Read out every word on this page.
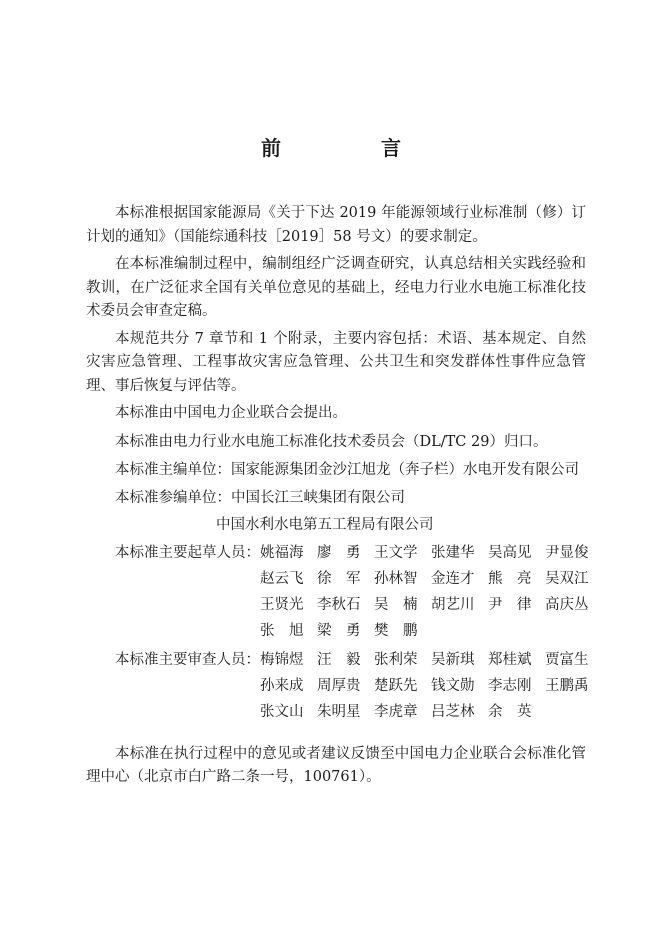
前　言

本标准根据国家能源局《关于下达 2019 年能源领域行业标准制（修）订计划的通知》（国能综通科技［2019］58 号文）的要求制定。

在本标准编制过程中，编制组经广泛调查研究，认真总结相关实践经验和教训，在广泛征求全国有关单位意见的基础上，经电力行业水电施工标准化技术委员会审查定稿。

本规范共分 7 章节和 1 个附录，主要内容包括：术语、基本规定、自然灾害应急管理、工程事故灾害应急管理、公共卫生和突发群体性事件应急管理、事后恢复与评估等。

本标准由中国电力企业联合会提出。

本标准由电力行业水电施工标准化技术委员会（DL/TC 29）归口。

本标准主编单位：国家能源集团金沙江旭龙（奔子栏）水电开发有限公司
本标准参编单位：中国长江三峡集团有限公司
中国水利水电第五工程局有限公司
本标准主要起草人员： 姚福海 廖　勇 王文学 张建华 吴高见 尹显俊
赵云飞 徐　军 孙林智 金连才 熊　亮 吴双江
王贤光 李秋石 吴　楠 胡艺川 尹　律 高庆丛
张　旭 梁　勇 樊　鹏
本标准主要审查人员： 梅锦煜 汪　毅 张利荣 吴新琪 郑桂斌 贾富生
孙来成 周厚贵 楚跃先 钱文勋 李志刚 王鹏禹
张文山 朱明星 李虎章 吕芝林 余　英

本标准在执行过程中的意见或者建议反馈至中国电力企业联合会标准化管理中心（北京市白广路二条一号，100761）。
